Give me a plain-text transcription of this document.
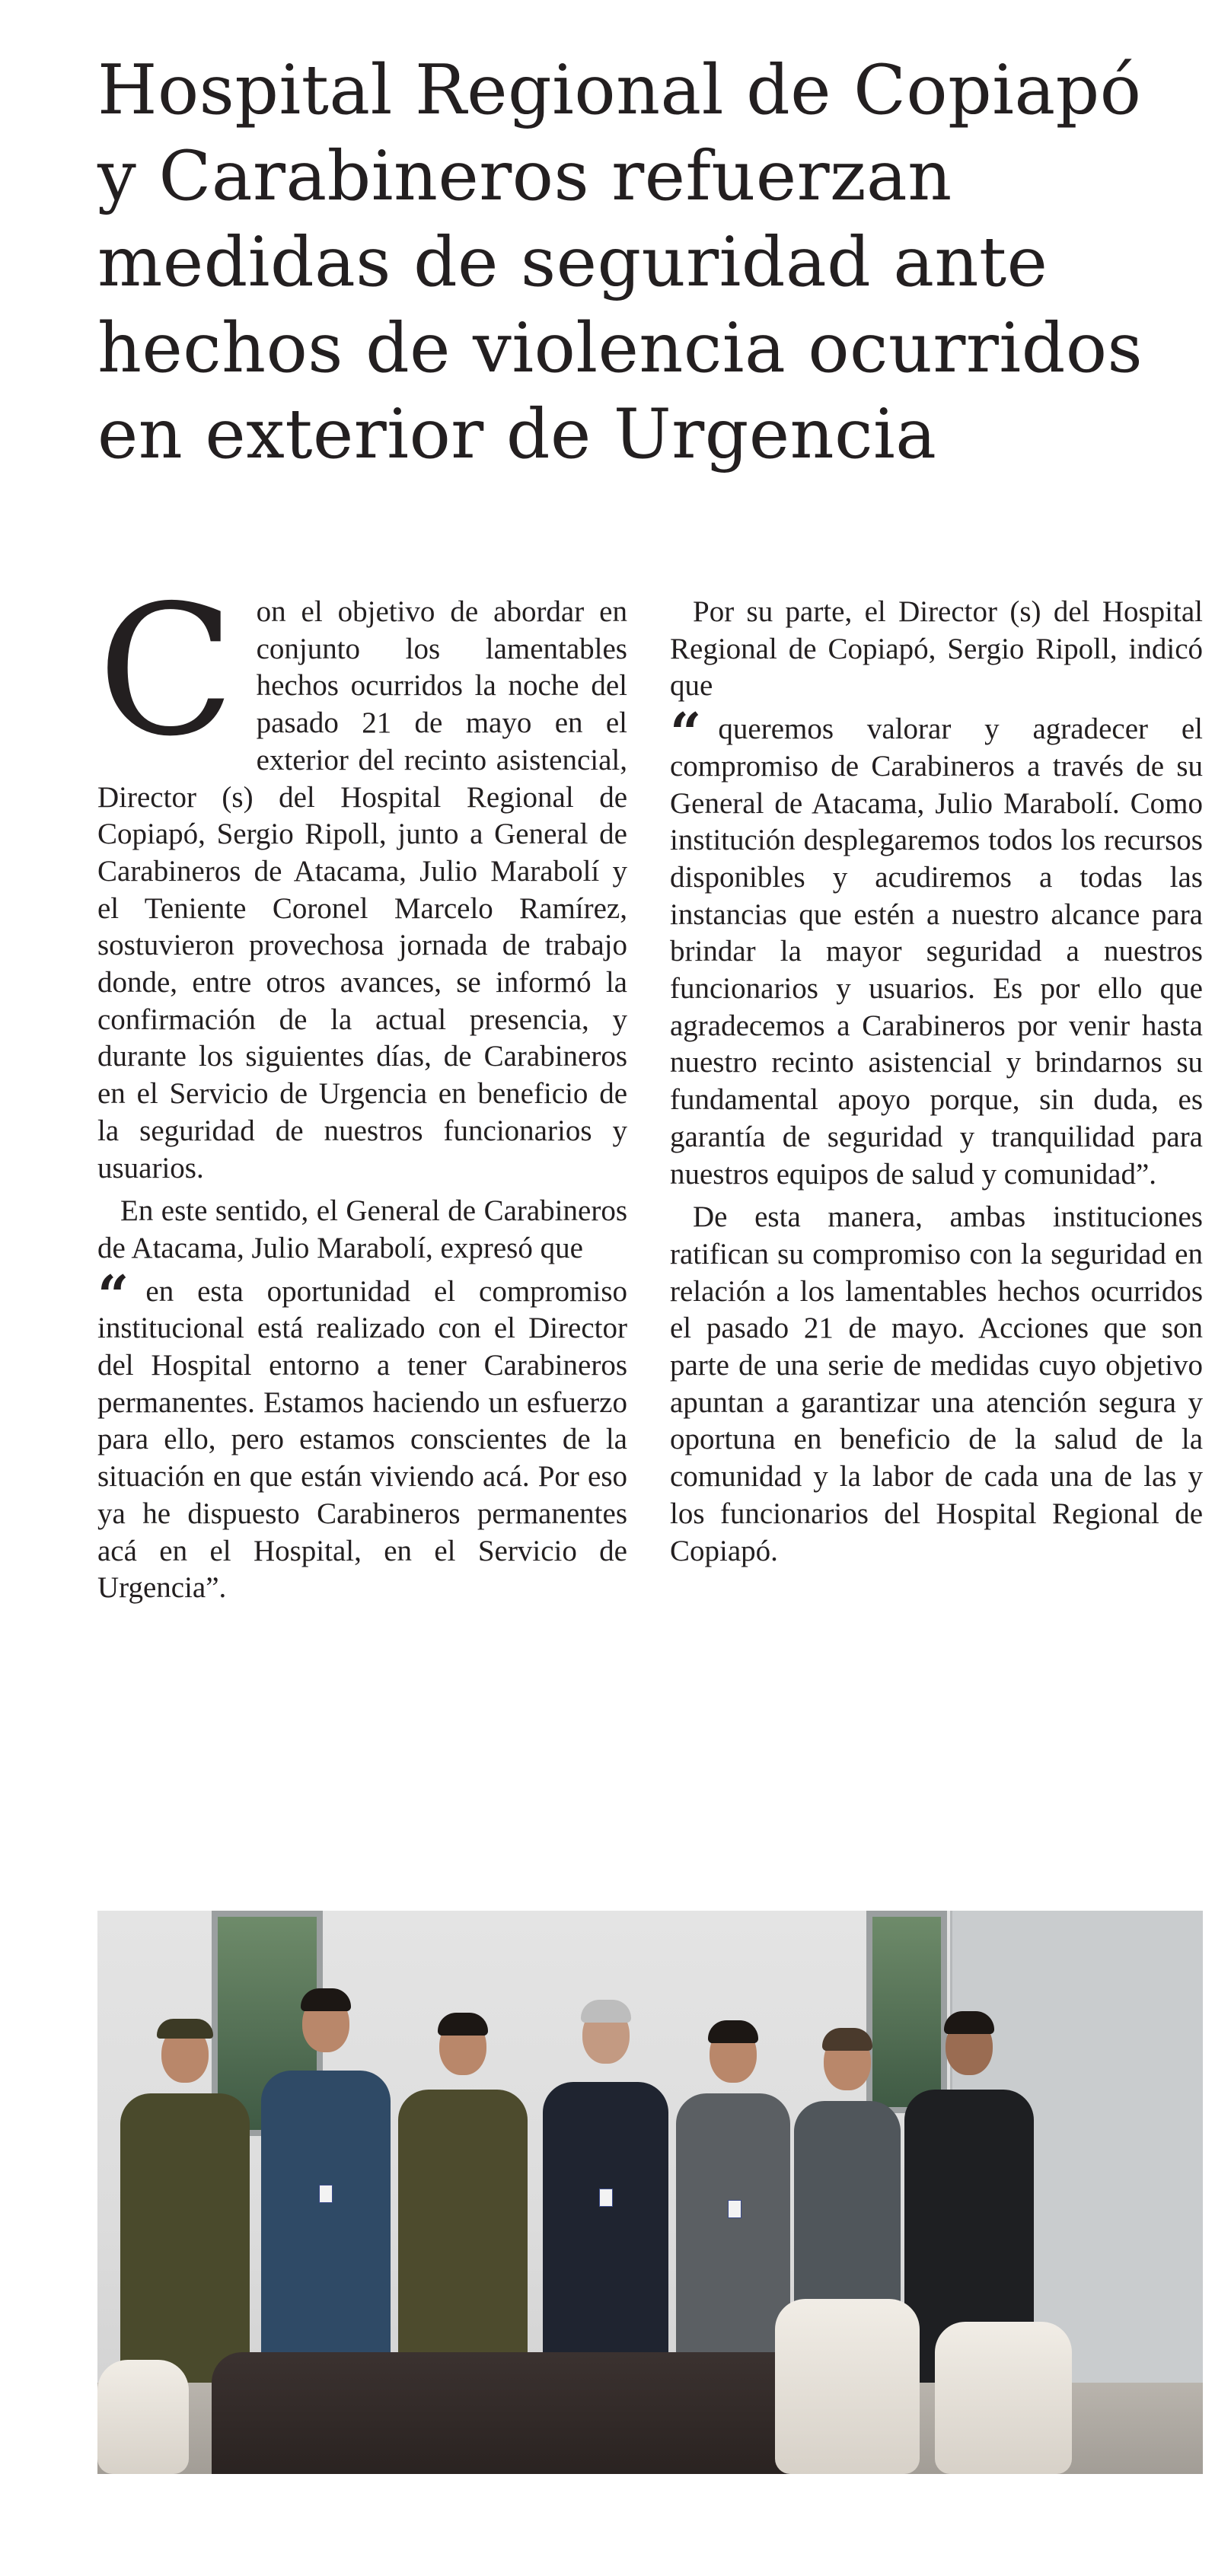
Hospital Regional de Copiapó
y Carabineros refuerzan
medidas de seguridad ante
hechos de violencia ocurridos
en exterior de Urgencia

Con el objetivo de abordar en conjunto los lamentables hechos ocurridos la noche del pasado 21 de mayo en el exterior del recinto asistencial, Director (s) del Hospital Regional de Copiapó, Sergio Ripoll, junto a General de Carabineros de Atacama, Julio Marabolí y el Teniente Coronel Marcelo Ramírez, sostuvieron provechosa jornada de trabajo donde, entre otros avances, se informó la confirmación de la actual presencia, y durante los siguientes días, de Carabineros en el Servicio de Urgencia en beneficio de la seguridad de nuestros funcionarios y usuarios.

En este sentido, el General de Carabineros de Atacama, Julio Marabolí, expresó que

“ en esta oportunidad el compromiso institucional está realizado con el Director del Hospital entorno a tener Carabineros permanentes. Estamos haciendo un esfuerzo para ello, pero estamos conscientes de la situación en que están viviendo acá. Por eso ya he dispuesto Carabineros permanentes acá en el Hospital, en el Servicio de Urgencia”.

Por su parte, el Director (s) del Hospital Regional de Copiapó, Sergio Ripoll, indicó que

“ queremos valorar y agradecer el compromiso de Carabineros a través de su General de Atacama, Julio Marabolí. Como institución desplegaremos todos los recursos disponibles y acudiremos a todas las instancias que estén a nuestro alcance para brindar la mayor seguridad a nuestros funcionarios y usuarios. Es por ello que agradecemos a Carabineros por venir hasta nuestro recinto asistencial y brindarnos su fundamental apoyo porque, sin duda, es garantía de seguridad y tranquilidad para nuestros equipos de salud y comunidad”.

De esta manera, ambas instituciones ratifican su compromiso con la seguridad en relación a los lamentables hechos ocurridos el pasado 21 de mayo. Acciones que son parte de una serie de medidas cuyo objetivo apuntan a garantizar una atención segura y oportuna en beneficio de la salud de la comunidad y la labor de cada una de las y los funcionarios del Hospital Regional de Copiapó.
